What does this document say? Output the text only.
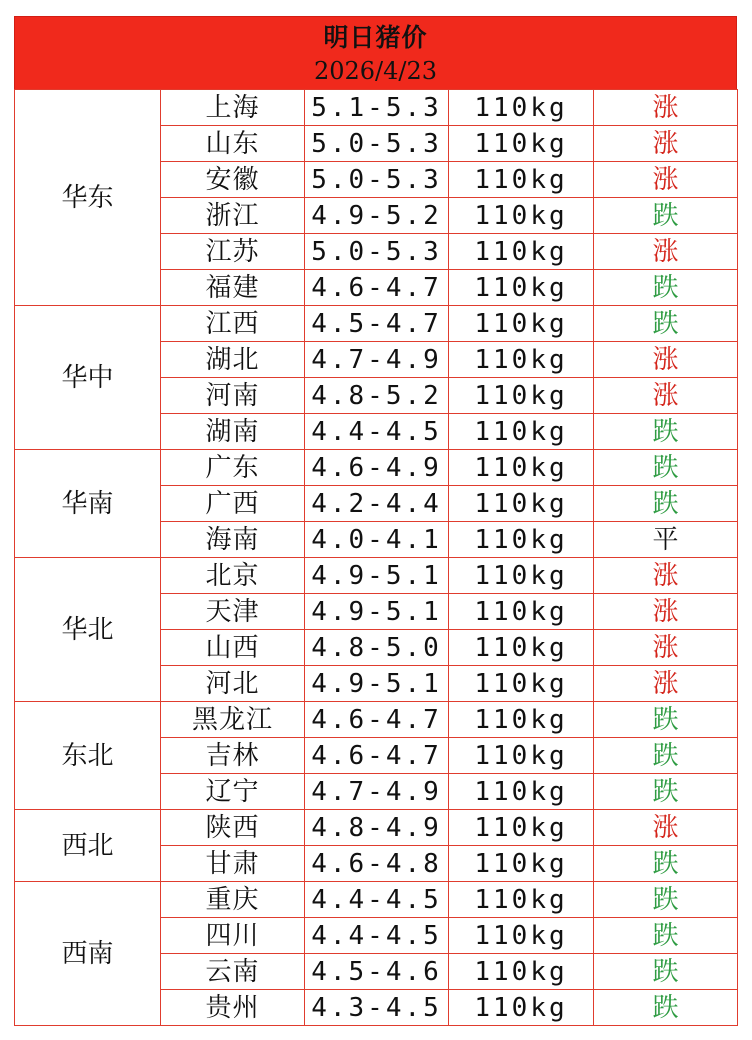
明日猪价
2026/4/23
华东	上海	5.1-5.3	110kg	涨
	山东	5.0-5.3	110kg	涨
	安徽	5.0-5.3	110kg	涨
	浙江	4.9-5.2	110kg	跌
	江苏	5.0-5.3	110kg	涨
	福建	4.6-4.7	110kg	跌
华中	江西	4.5-4.7	110kg	跌
	湖北	4.7-4.9	110kg	涨
	河南	4.8-5.2	110kg	涨
	湖南	4.4-4.5	110kg	跌
华南	广东	4.6-4.9	110kg	跌
	广西	4.2-4.4	110kg	跌
	海南	4.0-4.1	110kg	平
华北	北京	4.9-5.1	110kg	涨
	天津	4.9-5.1	110kg	涨
	山西	4.8-5.0	110kg	涨
	河北	4.9-5.1	110kg	涨
东北	黑龙江	4.6-4.7	110kg	跌
	吉林	4.6-4.7	110kg	跌
	辽宁	4.7-4.9	110kg	跌
西北	陕西	4.8-4.9	110kg	涨
	甘肃	4.6-4.8	110kg	跌
西南	重庆	4.4-4.5	110kg	跌
	四川	4.4-4.5	110kg	跌
	云南	4.5-4.6	110kg	跌
	贵州	4.3-4.5	110kg	跌
